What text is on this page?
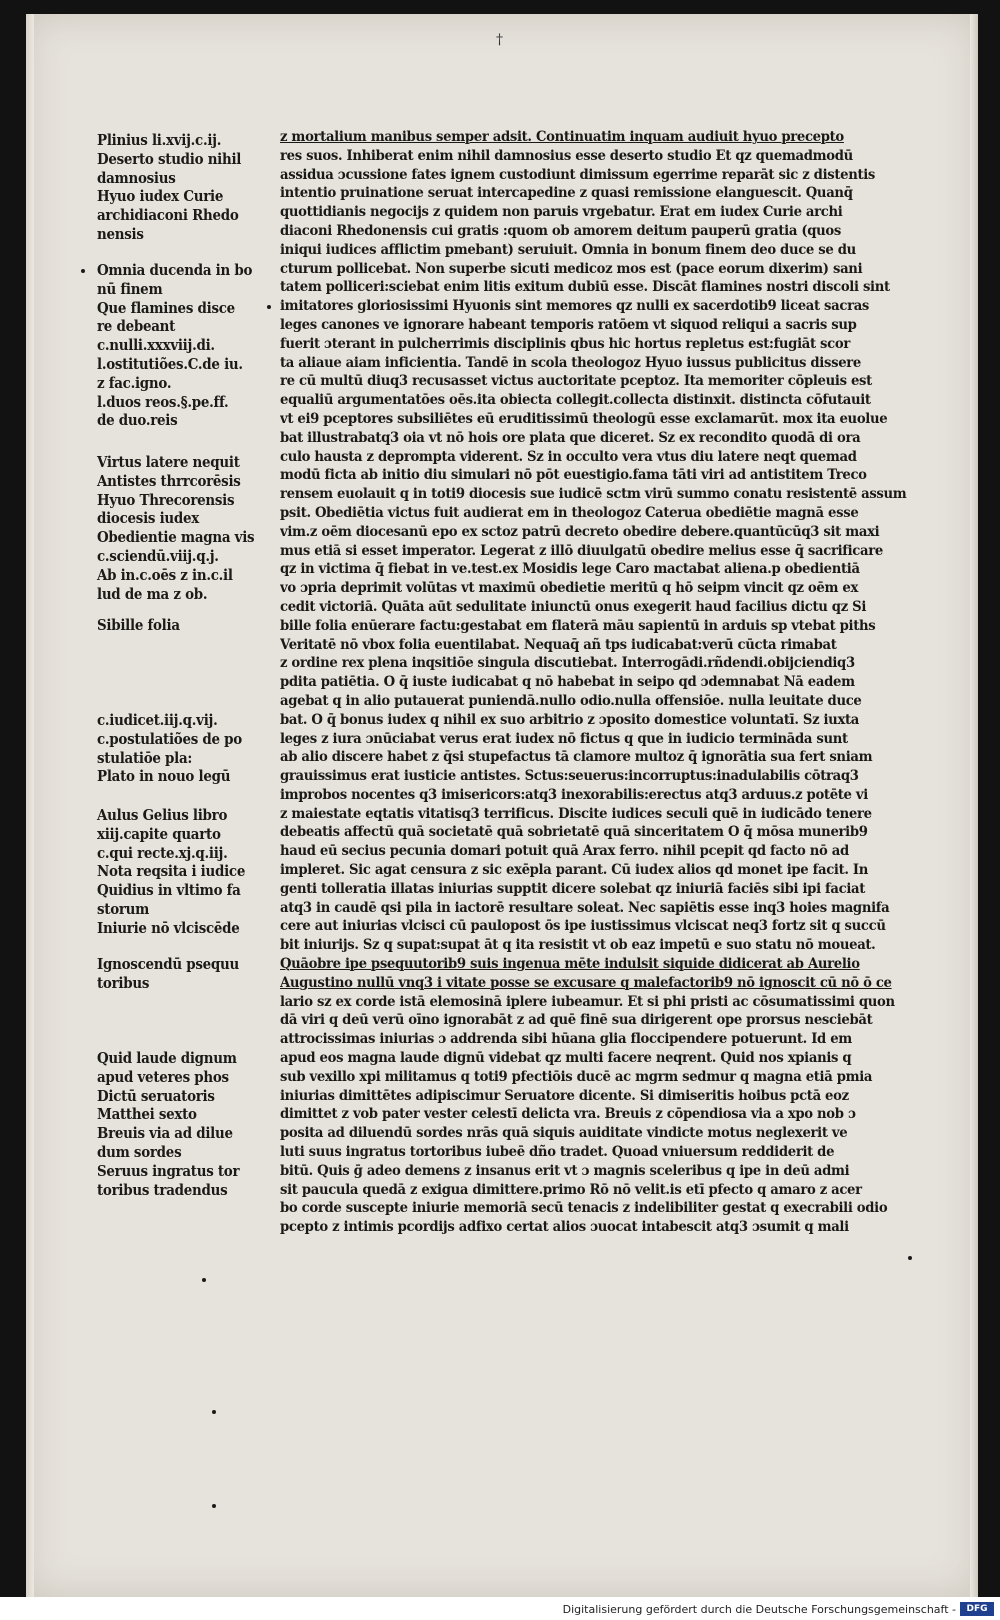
†
Plinius li.xvij.c.ij.
Deserto studio nihil
damnosius
Hyuo iudex Curie
archidiaconi Rhedo
nensis
Omnia ducenda in bo
nū finem
Que flamines disce
re debeant
c.nulli.xxxviij.di.
l.ostitutiões.C.de iu.
z fac.igno.
l.duos reos.§.pe.ff.
de duo.reis
Virtus latere nequit
Antistes thrrcorēsis
Hyuo Threcorensis
diocesis iudex
Obedientie magna vis
c.sciendū.viij.q.j.
Ab in.c.oēs z in.c.il
lud de ma z ob.
Sibille folia
c.iudicet.iij.q.vij.
c.postulatiões de po
stulatiōe pla:
Plato in nouo legū
Aulus Gelius libro
xiij.capite quarto
c.qui recte.xj.q.iij.
Nota reqsita i iudice
Quidius in vltimo fa
storum
Iniurie nō vlciscēde
Ignoscendū psequu
toribus
Quid laude dignum
apud veteres phos
Dictū seruatoris
Matthei sexto
Breuis via ad dilue
dum sordes
Seruus ingratus tor
toribus tradendus
z mortalium manibus semper adsit. Continuatim inquam audiuit hyuo precepto
res suos. Inhiberat enim nihil damnosius esse deserto studio Et qz quemadmodū
assidua ɔcussione fates ignem custodiunt dimissum egerrime reparāt sic z distentis
intentio pruinatione seruat intercapedine z quasi remissione elanguescit. Quanq̄
quottidianis negocijs z quidem non paruis vrgebatur. Erat em iudex Curie archi
diaconi Rhedonensis cui gratis :quom ob amorem deitum pauperū gratia (quos
iniqui iudices afflictim pmebant) seruiuit. Omnia in bonum finem deo duce se du
cturum pollicebat. Non superbe sicuti medicoz mos est (pace eorum dixerim) sani
tatem polliceri:sciebat enim litis exitum dubiū esse. Discāt flamines nostri discoli sint
imitatores gloriosissimi Hyuonis sint memores qz nulli ex sacerdotib9 liceat sacras
leges canones ve ignorare habeant temporis ratōem vt siquod reliqui a sacris sup
fuerit ɔterant in pulcherrimis disciplinis qbus hic hortus repletus est:fugiāt scor
ta aliaue aiam inficientia. Tandē in scola theologoz Hyuo iussus publicitus dissere
re cū multū diuq3 recusasset victus auctoritate pceptoz. Ita memoriter cōpleuis est
equaliū argumentatōes oēs.ita obiecta collegit.collecta distinxit. distincta cōfutauit
vt ei9 pceptores subsiliētes eū eruditissimū theologū esse exclamarūt. mox ita euolue
bat illustrabatq3 oia vt nō hois ore plata que diceret. Sz ex recondito quodā di ora
culo hausta z deprompta viderent. Sz in occulto vera vtus diu latere neqt quemad
modū ficta ab initio diu simulari nō pōt euestigio.fama tāti viri ad antistitem Treco
rensem euolauit q in toti9 diocesis sue iudicē sctm virū summo conatu resistentē assum
psit. Obediētia victus fuit audierat em in theologoz Caterua obediētie magnā esse
vim.z oēm diocesanū epo ex sctoz patrū decreto obedire debere.quantūcūq3 sit maxi
mus etiā si esset imperator. Legerat z illō diuulgatū obedire melius esse q̄ sacrificare
qz in victima q̄ fiebat in ve.test.ex Mosidis lege Caro mactabat aliena.p obedientiā
vo ɔpria deprimit volūtas vt maximū obedietie meritū q hō seipm vincit qz oēm ex
cedit victoriā. Quāta aūt sedulitate iniunctū onus exegerit haud facilius dictu qz Si
bille folia enūerare factu:gestabat em flaterā māu sapientū in arduis sp vtebat piths
Veritatē nō vbox folia euentilabat. Nequaq̄ añ tps iudicabat:verū cūcta rimabat
z ordine rex plena inqsitiōe singula discutiebat. Interrogādi.rñdendi.obijciendiq3
pdita patiētia. O q̄ iuste iudicabat q nō habebat in seipo qd ɔdemnabat Nā eadem
agebat q in alio putauerat puniendā.nullo odio.nulla offensiōe. nulla leuitate duce
bat. O q̄ bonus iudex q nihil ex suo arbitrio z ɔposito domestice voluntatī. Sz iuxta
leges z iura ɔnūciabat verus erat iudex nō fictus q que in iudicio termināda sunt
ab alio discere habet z q̄si stupefactus tā clamore multoz q̄ ignorātia sua fert sniam
grauissimus erat iusticie antistes. Sctus:seuerus:incorruptus:inadulabilis cōtraq3
improbos nocentes q3 imisericors:atq3 inexorabilis:erectus atq3 arduus.z potēte vi
z maiestate eqtatis vitatisq3 terrificus. Discite iudices seculi quē in iudicādo tenere
debeatis affectū quā societatē quā sobrietatē quā sinceritatem O q̄ mōsa munerib9
haud eū secius pecunia domari potuit quā Arax ferro. nihil pcepit qd facto nō ad
impleret. Sic agat censura z sic exēpla parant. Cū iudex alios qd monet ipe facit. In
genti tolleratia illatas iniurias supptit dicere solebat qz iniuriā faciēs sibi ipi faciat
atq3 in caudē qsi pila in iactorē resultare soleat. Nec sapiētis esse inq3 hoies magnifa
cere aut iniurias vlcisci cū paulopost ōs ipe iustissimus vlciscat neq3 fortz sit q succū
bit iniurijs. Sz q supat:supat āt q ita resistit vt ob eaz impetū e suo statu nō moueat.
Quāobre ipe psequutorib9 suis ingenua mēte indulsit siquide didicerat ab Aurelio
Augustino nullū vnq3 i vitate posse se excusare q malefactorib9 nō ignoscit cū nō ō ce
lario sz ex corde istā elemosinā iplere iubeamur. Et si phi pristi ac cōsumatissimi quon
dā viri q deū verū oīno ignorabāt z ad quē finē sua dirigerent ope prorsus nesciebāt
attrocissimas iniurias ɔ addrenda sibi hūana glia floccipendere potuerunt. Id em
apud eos magna laude dignū videbat qz multi facere neqrent. Quid nos xpianis q
sub vexillo xpi militamus q toti9 pfectiōis ducē ac mgrm sedmur q magna etiā pmia
iniurias dimittētes adipiscimur Seruatore dicente. Si dimiseritis hoibus pctā eoz
dimittet z vob pater vester celestī delicta vra. Breuis z cōpendiosa via a xpo nob ɔ
posita ad diluendū sordes nrās quā siquis auiditate vindicte motus neglexerit ve
luti suus ingratus tortoribus iubeē dño tradet. Quoad vniuersum reddiderit de
bitū. Quis ḡ adeo demens z insanus erit vt ɔ magnis sceleribus q ipe in deū admi
sit paucula quedā z exigua dimittere.primo Rō nō velit.is etī pfecto q amaro z acer
bo corde suscepte iniurie memoriā secū tenacis z indelibiliter gestat q execrabili odio
pcepto z intimis pcordijs adfixo certat alios ɔuocat intabescit atq3 ɔsumit q mali
Digitalisierung gefördert durch die Deutsche Forschungsgemeinschaft -	DFG
